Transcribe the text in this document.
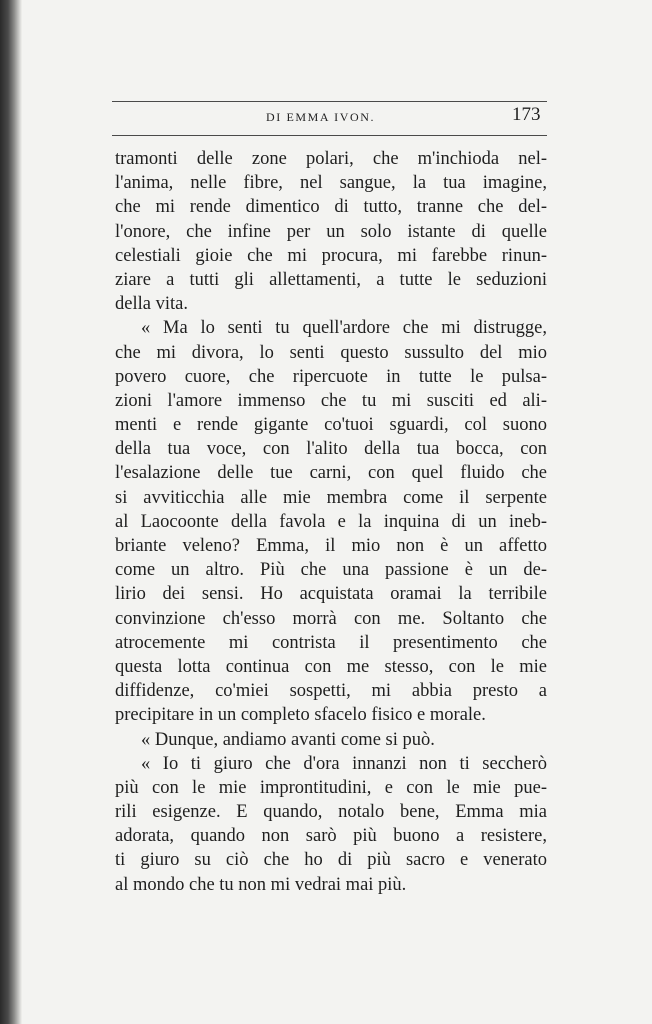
DI EMMA IVON.	173
tramonti delle zone polari, che m'inchioda nel-
l'anima, nelle fibre, nel sangue, la tua imagine,
che mi rende dimentico di tutto, tranne che del-
l'onore, che infine per un solo istante di quelle
celestiali gioie che mi procura, mi farebbe rinun-
ziare a tutti gli allettamenti, a tutte le seduzioni
della vita.
« Ma lo senti tu quell'ardore che mi distrugge,
che mi divora, lo senti questo sussulto del mio
povero cuore, che ripercuote in tutte le pulsa-
zioni l'amore immenso che tu mi susciti ed ali-
menti e rende gigante co'tuoi sguardi, col suono
della tua voce, con l'alito della tua bocca, con
l'esalazione delle tue carni, con quel fluido che
si avviticchia alle mie membra come il serpente
al Laocoonte della favola e la inquina di un ineb-
briante veleno? Emma, il mio non è un affetto
come un altro. Più che una passione è un de-
lirio dei sensi. Ho acquistata oramai la terribile
convinzione ch'esso morrà con me. Soltanto che
atrocemente mi contrista il presentimento che
questa lotta continua con me stesso, con le mie
diffidenze, co'miei sospetti, mi abbia presto a
precipitare in un completo sfacelo fisico e morale.
« Dunque, andiamo avanti come si può.
« Io ti giuro che d'ora innanzi non ti seccherò
più con le mie improntitudini, e con le mie pue-
rili esigenze. E quando, notalo bene, Emma mia
adorata, quando non sarò più buono a resistere,
ti giuro su ciò che ho di più sacro e venerato
al mondo che tu non mi vedrai mai più.
